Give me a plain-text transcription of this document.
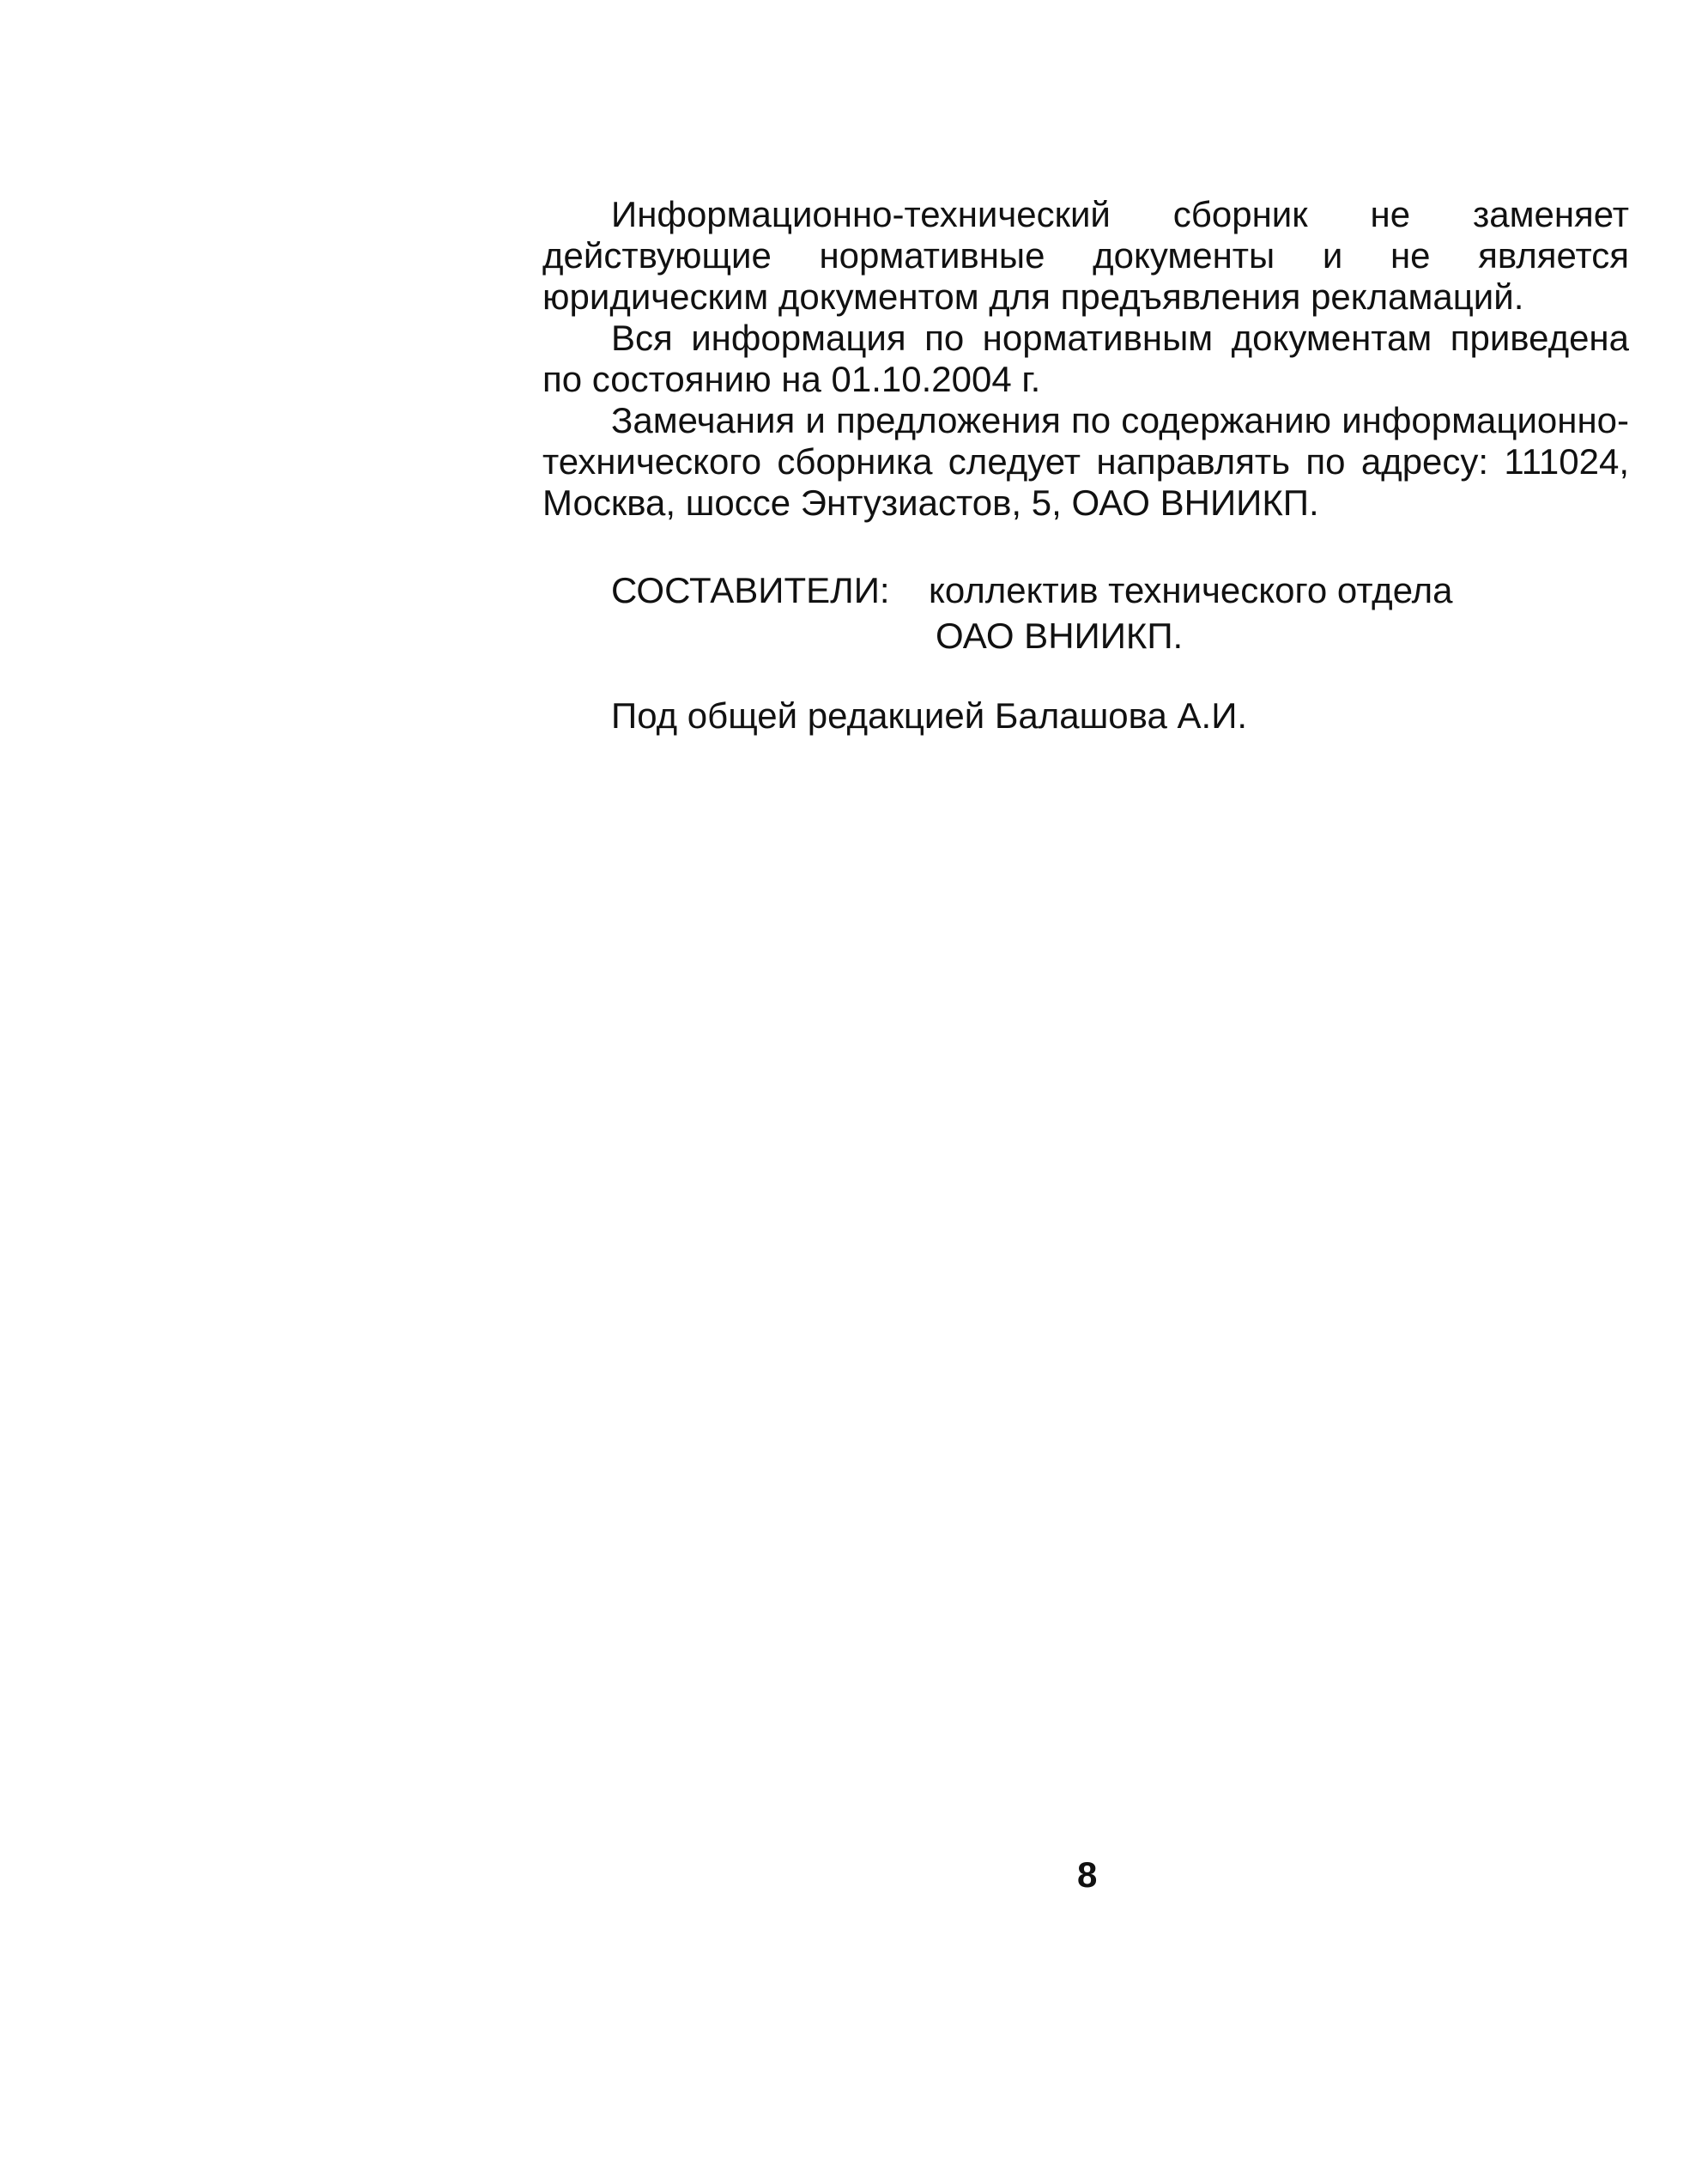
Информационно-технический сборник не заменяет действующие нормативные документы и не является юридическим документом для предъявления рекламаций.

Вся информация по нормативным документам приведена по состоянию на 01.10.2004 г.

Замечания и предложения по содержанию информационно-технического сборника следует направлять по адресу: 111024, Москва, шоссе Энтузиастов, 5, ОАО ВНИИКП.

СОСТАВИТЕЛИ: коллектив технического отдела
ОАО ВНИИКП.
Под общей редакцией Балашова А.И.
8
